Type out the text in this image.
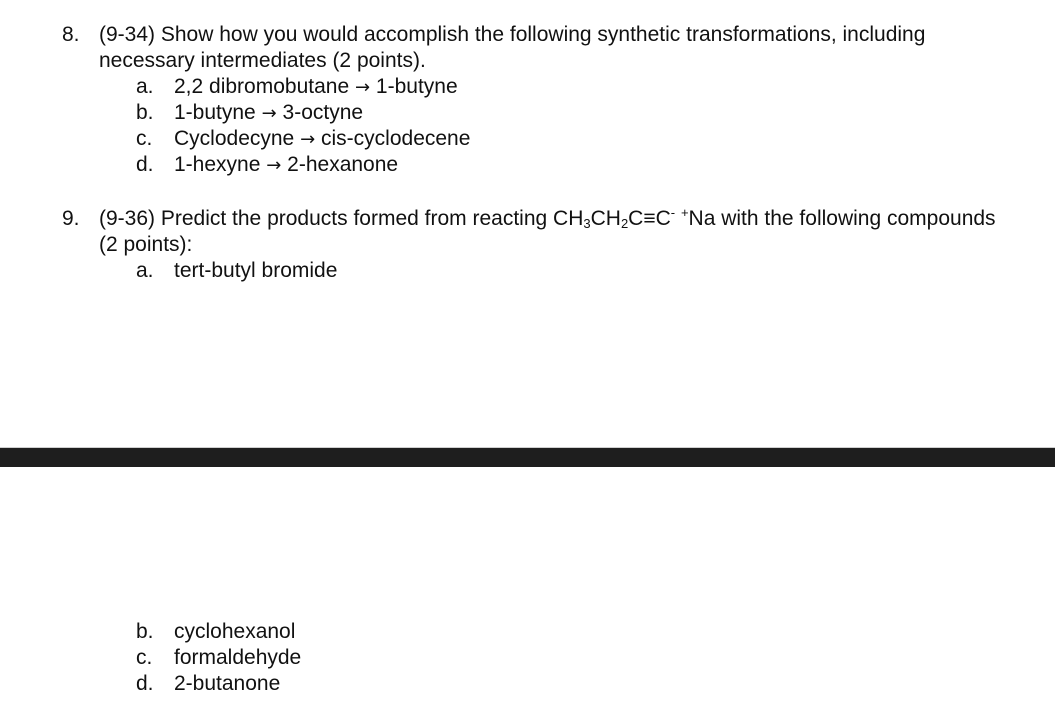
8. (9-34) Show how you would accomplish the following synthetic transformations, including necessary intermediates (2 points).
a. 2,2 dibromobutane → 1-butyne
b. 1-butyne → 3-octyne
c. Cyclodecyne → cis-cyclodecene
d. 1-hexyne → 2-hexanone
9. (9-36) Predict the products formed from reacting $CH_3CH_2C\equiv C^-$ +Na with the following compounds (2 points):
a. tert-butyl bromide
b. cyclohexanol
c. formaldehyde
d. 2-butanone
